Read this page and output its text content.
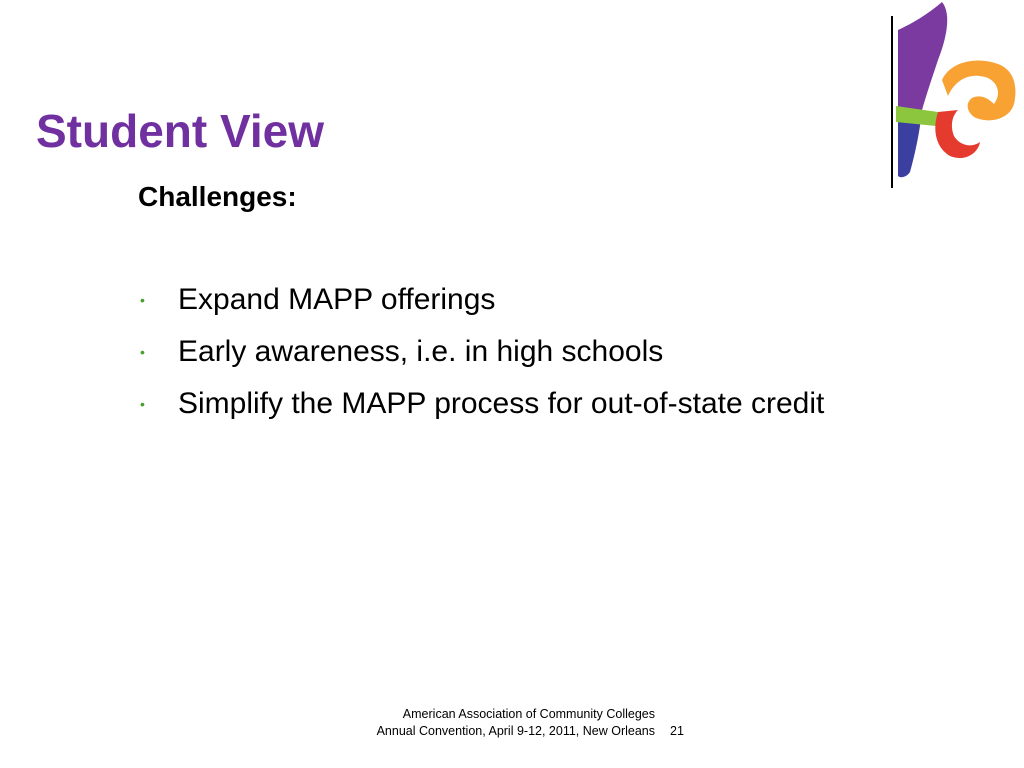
Student View
Challenges:
• Expand MAPP offerings
• Early awareness, i.e. in high schools
• Simplify the MAPP process for out-of-state credit
American Association of Community Colleges
Annual Convention, April 9-12, 2011, New Orleans 21
